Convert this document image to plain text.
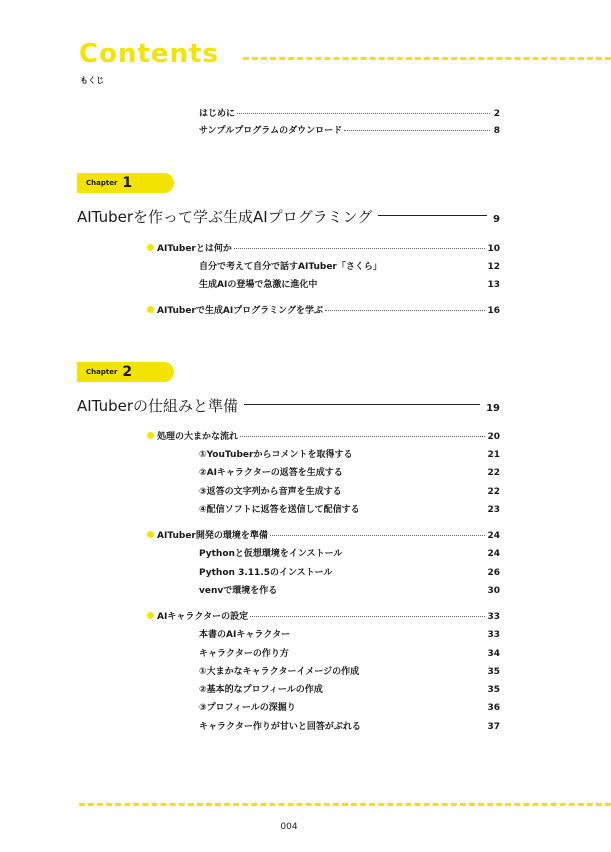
Contents
もくじ
はじめに	2
サンプルプログラムのダウンロード	8
Chapter 1
AITuberを作って学ぶ生成AIプログラミング	9
AITuberとは何か	10
自分で考えて自分で話すAITuber「さくら」	12
生成AIの登場で急激に進化中	13
AITuberで生成AIプログラミングを学ぶ	16
Chapter 2
AITuberの仕組みと準備	19
処理の大まかな流れ	20
①YouTuberからコメントを取得する	21
②AIキャラクターの返答を生成する	22
③返答の文字列から音声を生成する	22
④配信ソフトに返答を送信して配信する	23
AITuber開発の環境を準備	24
Pythonと仮想環境をインストール	24
Python 3.11.5のインストール	26
venvで環境を作る	30
AIキャラクターの設定	33
本書のAIキャラクター	33
キャラクターの作り方	34
①大まかなキャラクターイメージの作成	35
②基本的なプロフィールの作成	35
③プロフィールの深掘り	36
キャラクター作りが甘いと回答がぶれる	37
004
